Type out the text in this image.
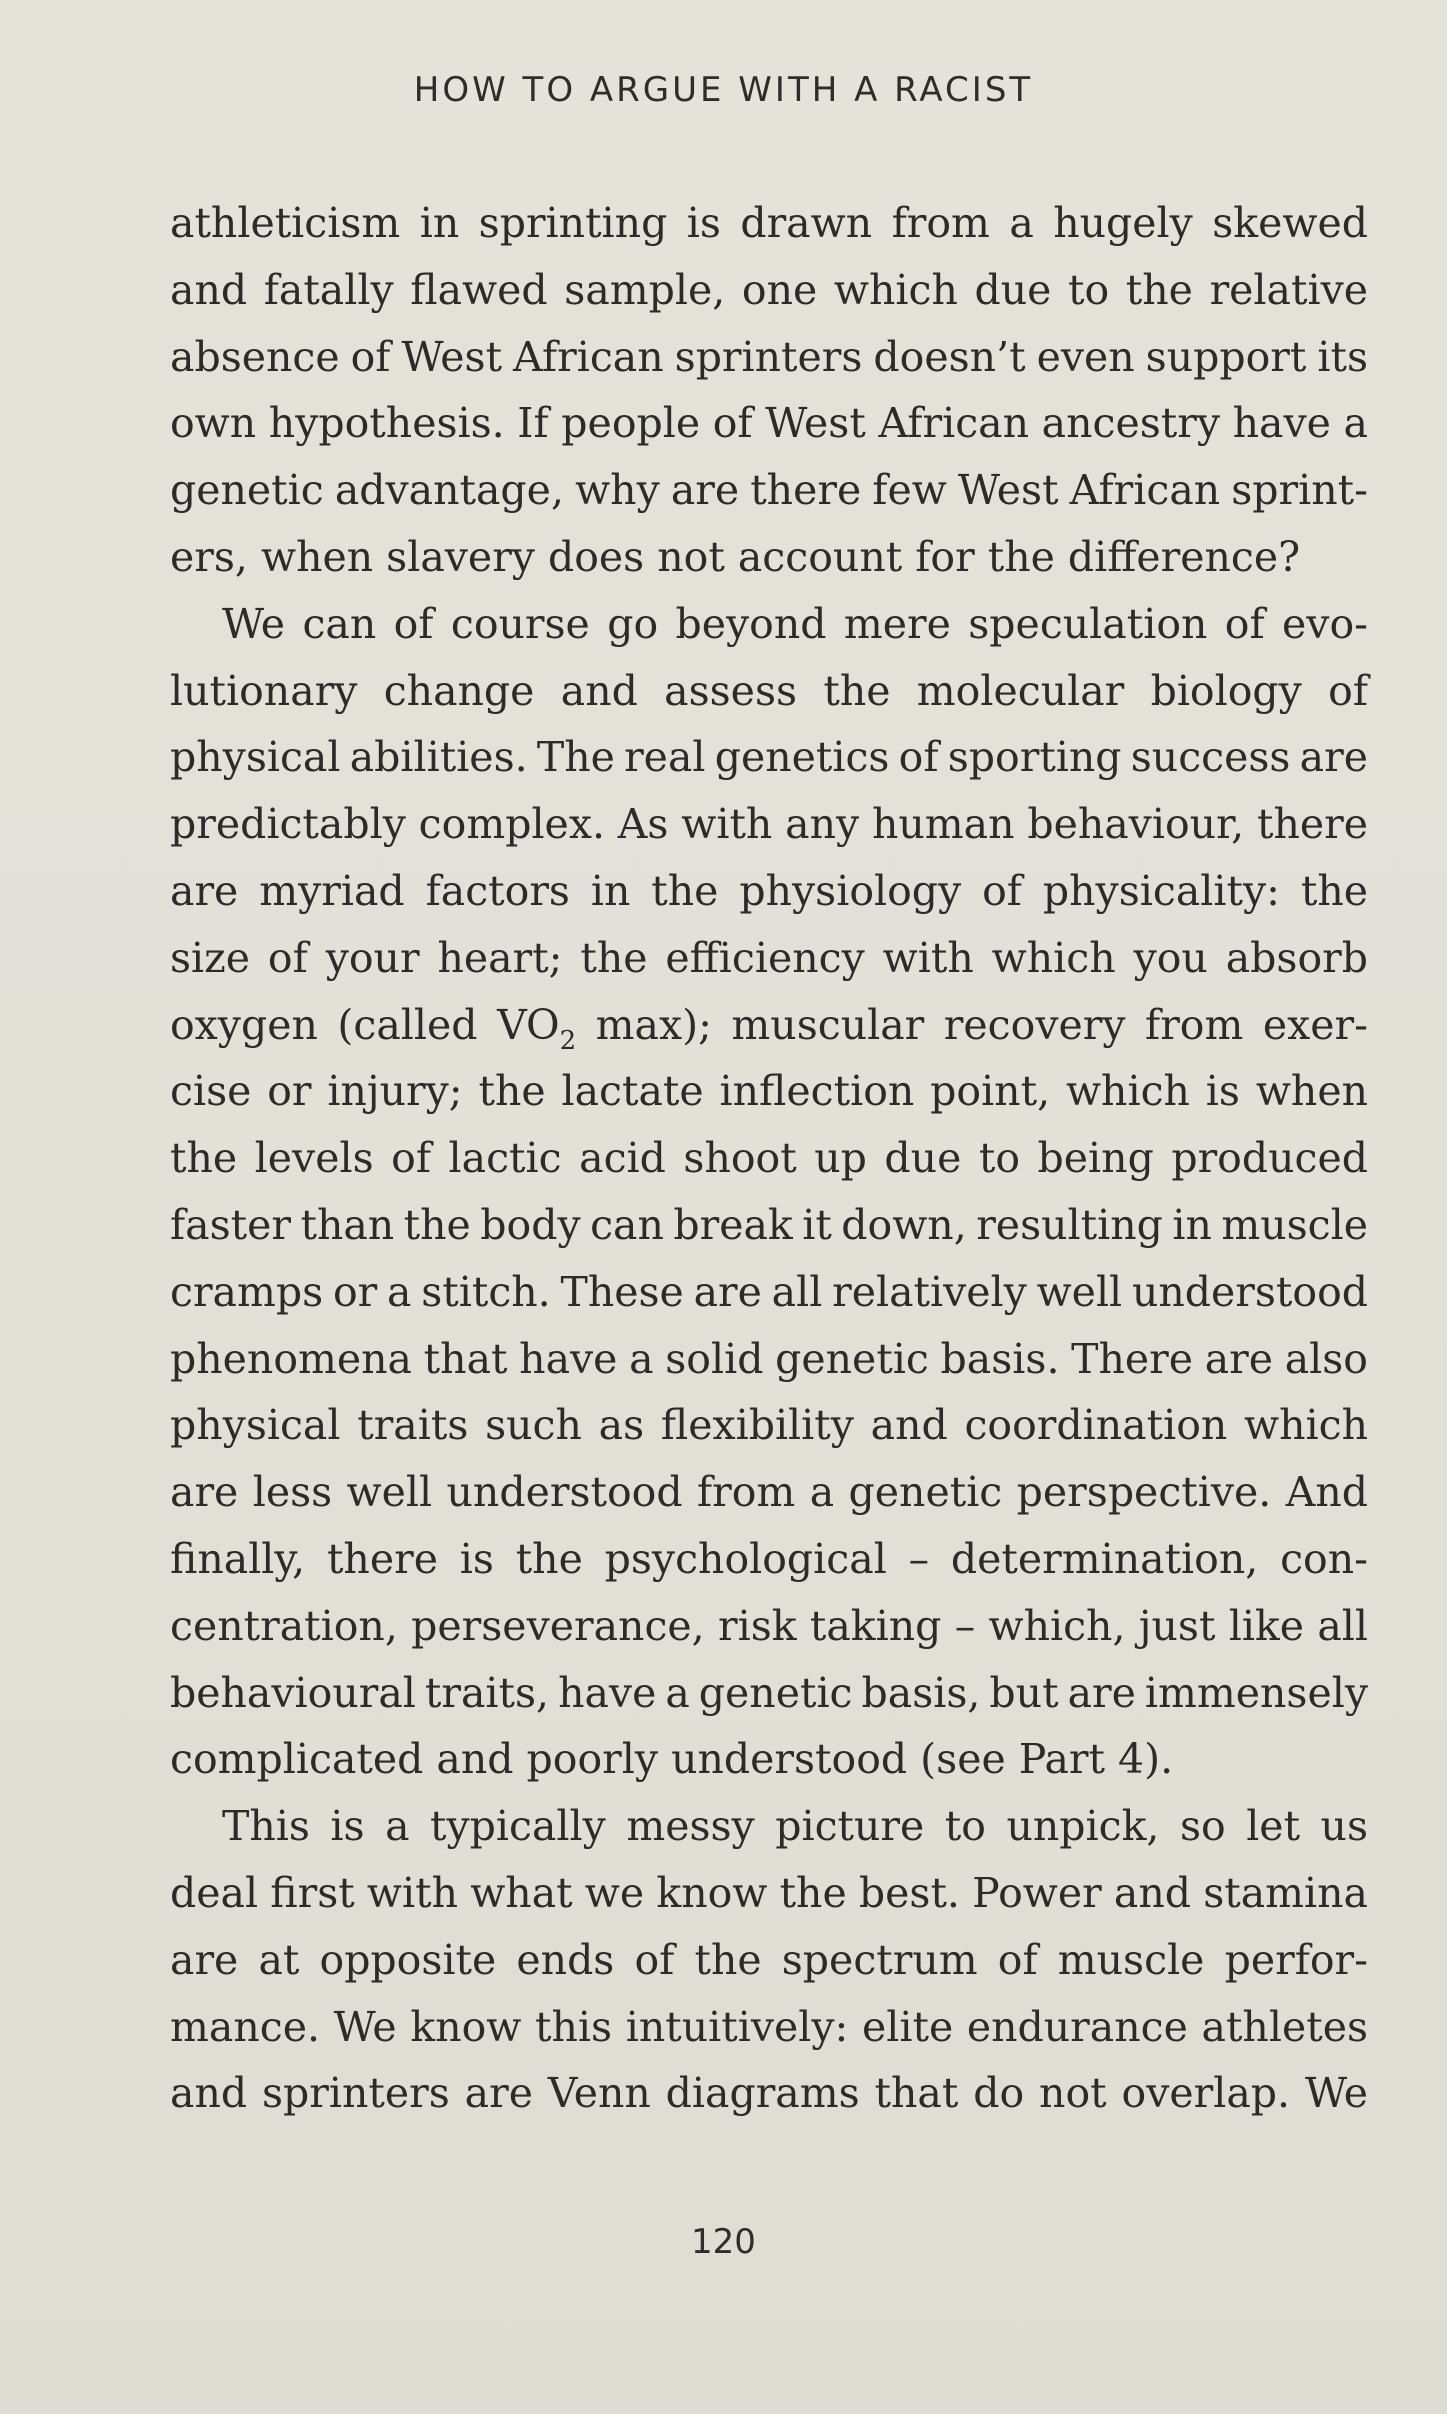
HOW TO ARGUE WITH A RACIST
athleticism in sprinting is drawn from a hugely skewed
and fatally flawed sample, one which due to the relative
absence of West African sprinters doesn’t even support its
own hypothesis. If people of West African ancestry have a
genetic advantage, why are there few West African sprint-
ers, when slavery does not account for the difference?
We can of course go beyond mere speculation of evo-
lutionary change and assess the molecular biology of
physical abilities. The real genetics of sporting success are
predictably complex. As with any human behaviour, there
are myriad factors in the physiology of physicality: the
size of your heart; the efficiency with which you absorb
oxygen (called $VO_2$ max); muscular recovery from exer-
cise or injury; the lactate inflection point, which is when
the levels of lactic acid shoot up due to being produced
faster than the body can break it down, resulting in muscle
cramps or a stitch. These are all relatively well understood
phenomena that have a solid genetic basis. There are also
physical traits such as flexibility and coordination which
are less well understood from a genetic perspective. And
finally, there is the psychological – determination, con-
centration, perseverance, risk taking – which, just like all
behavioural traits, have a genetic basis, but are immensely
complicated and poorly understood (see Part 4).
This is a typically messy picture to unpick, so let us
deal first with what we know the best. Power and stamina
are at opposite ends of the spectrum of muscle perfor-
mance. We know this intuitively: elite endurance athletes
and sprinters are Venn diagrams that do not overlap. We
120
